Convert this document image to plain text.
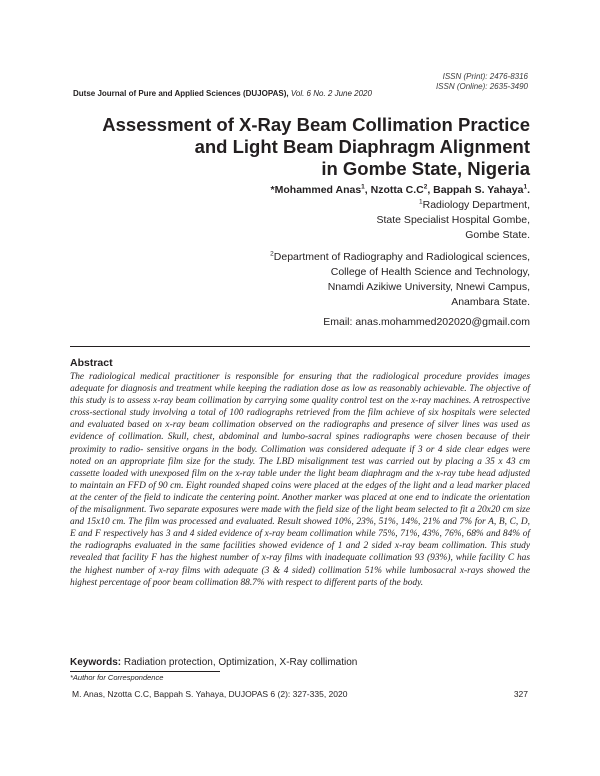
ISSN (Print): 2476-8316
ISSN (Online): 2635-3490
Dutse Journal of Pure and Applied Sciences (DUJOPAS), Vol. 6 No. 2 June 2020
Assessment of X-Ray Beam Collimation Practice
and Light Beam Diaphragm Alignment
in Gombe State, Nigeria
*Mohammed Anas$^1$, Nzotta $C.C^2$, Bappah S. Yahaya$^1$.
$^1$Radiology Department,
State Specialist Hospital Gombe,
Gombe State.
$^2$Department of Radiography and Radiological sciences,
College of Health Science and Technology,
Nnamdi Azikiwe University, Nnewi Campus,
Anambara State.
Email: anas.mohammed202020@gmail.com
Abstract
The radiological medical practitioner is responsible for ensuring that the radiological procedure provides images adequate for diagnosis and treatment while keeping the radiation dose as low as reasonably achievable. The objective of this study is to assess x-ray beam collimation by carrying some quality control test on the x-ray machines. A retrospective cross-sectional study involving a total of 100 radiographs retrieved from the film achieve of six hospitals were selected and evaluated based on x-ray beam collimation observed on the radiographs and presence of silver lines was used as evidence of collimation. Skull, chest, abdominal and lumbo-sacral spines radiographs were chosen because of their proximity to radio- sensitive organs in the body. Collimation was considered adequate if 3 or 4 side clear edges were noted on an appropriate film size for the study. The LBD misalignment test was carried out by placing a 35 x 43 cm cassette loaded with unexposed film on the x-ray table under the light beam diaphragm and the x-ray tube head adjusted to maintain an FFD of 90 cm. Eight rounded shaped coins were placed at the edges of the light and a lead marker placed at the center of the field to indicate the centering point. Another marker was placed at one end to indicate the orientation of the misalignment. Two separate exposures were made with the field size of the light beam selected to fit a 20x20 cm size and 15x10 cm. The film was processed and evaluated. Result showed 10%, 23%, 51%, 14%, 21% and 7% for A, B, C, D, E and F respectively has 3 and 4 sided evidence of x-ray beam collimation while 75%, 71%, 43%, 76%, 68% and 84% of the radiographs evaluated in the same facilities showed evidence of 1 and 2 sided x-ray beam collimation. This study revealed that facility F has the highest number of x-ray films with inadequate collimation 93 (93%), while facility C has the highest number of x-ray films with adequate (3 & 4 sided) collimation 51% while lumbosacral x-rays showed the highest percentage of poor beam collimation 88.7% with respect to different parts of the body.
Keywords: Radiation protection, Optimization, X-Ray collimation
*Author for Correspondence
M. Anas, Nzotta C.C, Bappah S. Yahaya, DUJOPAS 6 (2): 327-335, 2020	327
